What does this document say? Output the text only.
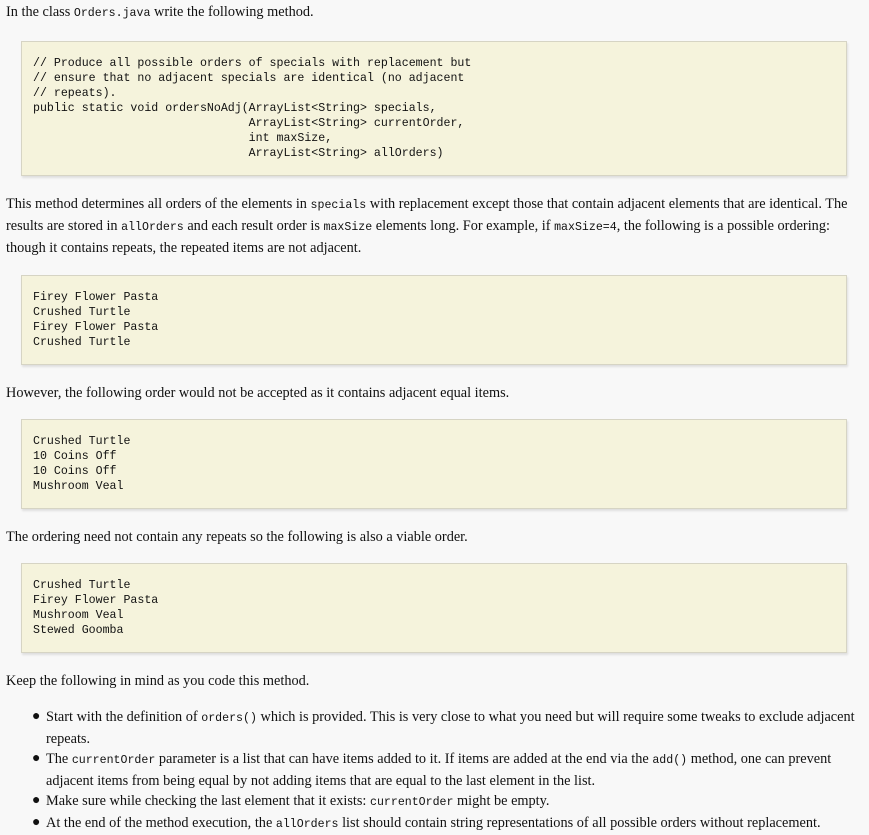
In the class Orders.java write the following method.

// Produce all possible orders of specials with replacement but
// ensure that no adjacent specials are identical (no adjacent
// repeats).
public static void ordersNoAdj(ArrayList<String> specials,
ArrayList<String> currentOrder,
int maxSize,
ArrayList<String> allOrders)

This method determines all orders of the elements in specials with replacement except those that contain adjacent elements that are identical. The results are stored in allOrders and each result order is maxSize elements long. For example, if maxSize=4, the following is a possible ordering: though it contains repeats, the repeated items are not adjacent.

Firey Flower Pasta
Crushed Turtle
Firey Flower Pasta
Crushed Turtle

However, the following order would not be accepted as it contains adjacent equal items.

Crushed Turtle
10 Coins Off
10 Coins Off
Mushroom Veal

The ordering need not contain any repeats so the following is also a viable order.

Crushed Turtle
Firey Flower Pasta
Mushroom Veal
Stewed Goomba

Keep the following in mind as you code this method.

● Start with the definition of orders() which is provided. This is very close to what you need but will require some tweaks to exclude adjacent repeats.
● The currentOrder parameter is a list that can have items added to it. If items are added at the end via the add() method, one can prevent adjacent items from being equal by not adding items that are equal to the last element in the list.
● Make sure while checking the last element that it exists: currentOrder might be empty.
● At the end of the method execution, the allOrders list should contain string representations of all possible orders without replacement.
